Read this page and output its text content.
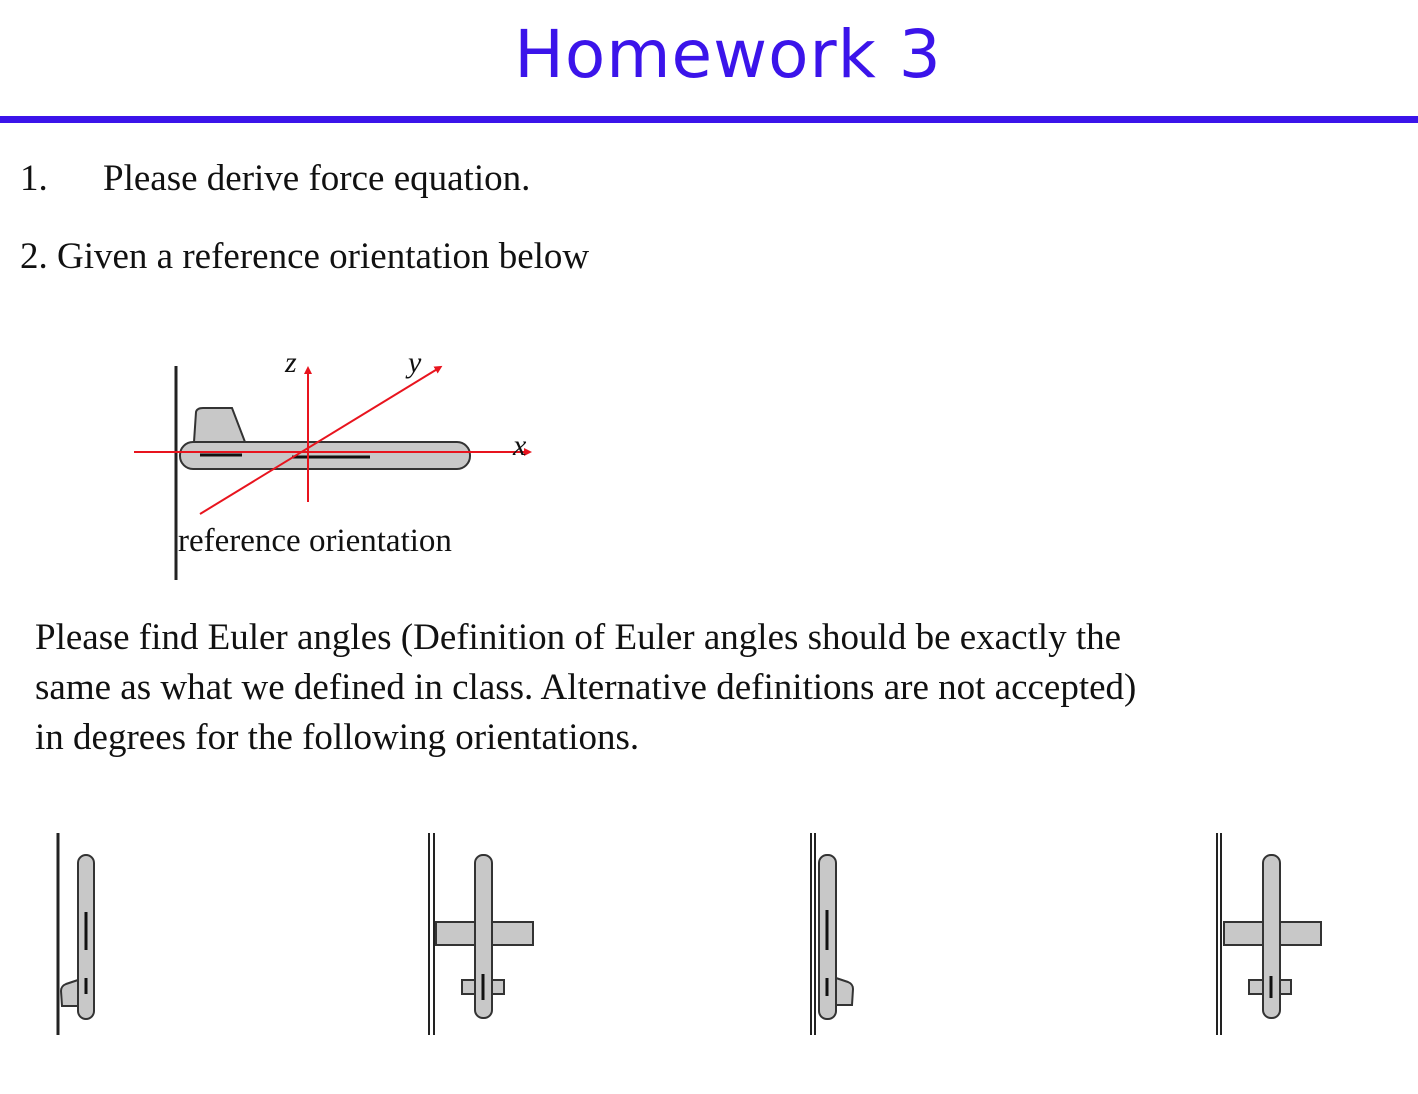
Homework 3
1. Please derive force equation.
2. Given a reference orientation below
z	y
x
reference orientation
Please find Euler angles (Definition of Euler angles should be exactly the
same as what we defined in class. Alternative definitions are not accepted)
in degrees for the following orientations.
